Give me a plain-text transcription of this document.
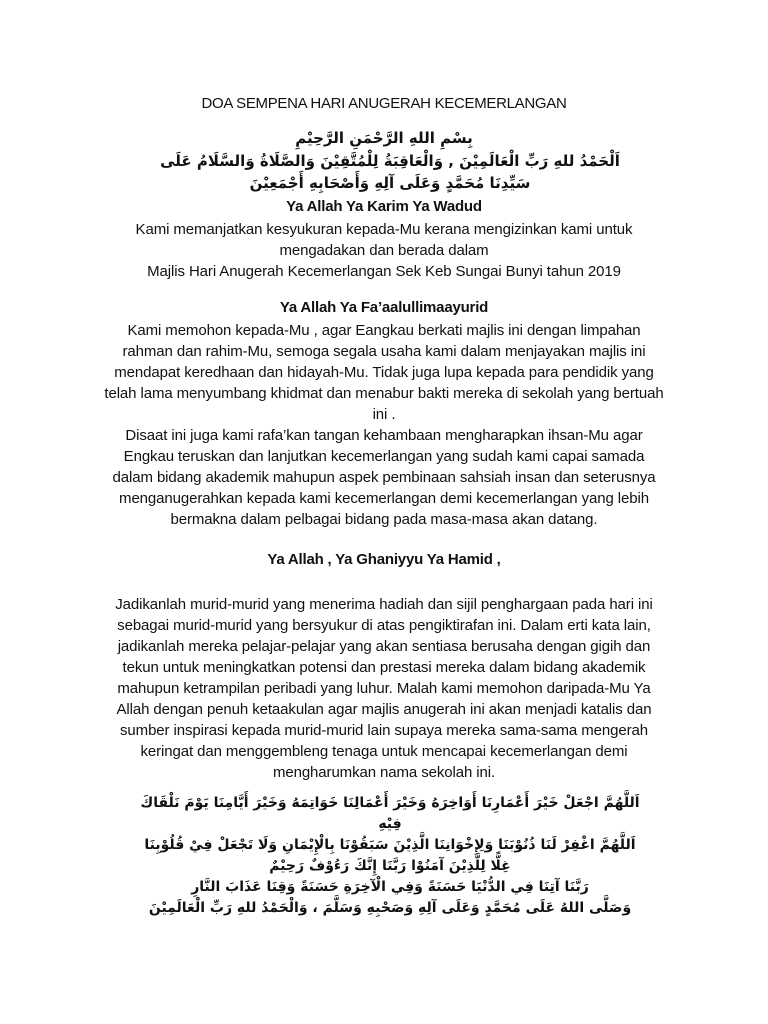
DOA SEMPENA HARI ANUGERAH KECEMERLANGAN
بِسْمِ اللهِ الرَّحْمَنِ الرَّحِيْمِ
اَلْحَمْدُ للهِ رَبِّ الْعَالَمِيْنَ , وَالْعَاقِبَةُ لِلْمُتَّقِيْنَ وَالصَّلَاةُ وَالسَّلَامُ عَلَى سَيِّدِنَا مُحَمَّدٍ وَعَلَى آلِهِ وَأَصْحَابِهِ أَجْمَعِيْنَ
Ya Allah Ya Karim Ya Wadud

Kami memanjatkan kesyukuran kepada-Mu kerana mengizinkan kami untuk

mengadakan dan berada dalam

Majlis Hari Anugerah Kecemerlangan Sek Keb Sungai Bunyi tahun 2019

Ya Allah Ya Fa’aalullimaayurid

Kami memohon kepada-Mu , agar Eangkau berkati majlis ini dengan limpahan rahman dan rahim-Mu, semoga segala usaha kami dalam menjayakan majlis ini mendapat keredhaan dan hidayah-Mu. Tidak juga lupa kepada para pendidik yang telah lama menyumbang khidmat dan menabur bakti mereka di sekolah yang bertuah ini .

Disaat ini juga kami rafa’kan tangan kehambaan mengharapkan ihsan-Mu agar Engkau teruskan dan lanjutkan kecemerlangan yang sudah kami capai samada dalam bidang akademik mahupun aspek pembinaan sahsiah insan dan seterusnya menganugerahkan kepada kami kecemerlangan demi kecemerlangan yang lebih bermakna dalam pelbagai bidang pada masa-masa akan datang.

Ya Allah , Ya Ghaniyyu Ya Hamid ,

Jadikanlah murid-murid yang menerima hadiah dan sijil penghargaan pada hari ini sebagai murid-murid yang bersyukur di atas pengiktirafan ini. Dalam erti kata lain, jadikanlah mereka pelajar-pelajar yang akan sentiasa berusaha dengan gigih dan tekun untuk meningkatkan potensi dan prestasi mereka dalam bidang akademik mahupun ketrampilan peribadi yang luhur. Malah kami memohon daripada-Mu Ya Allah dengan penuh ketaakulan agar majlis anugerah ini akan menjadi katalis dan sumber inspirasi kepada murid-murid lain supaya mereka sama-sama mengerah keringat dan menggembleng tenaga untuk mencapai kecemerlangan demi mengharumkan nama sekolah ini.

اَللَّهُمَّ اجْعَلْ خَيْرَ أَعْمَارِنَا أَوَاخِرَهُ وَخَيْرَ أَعْمَالِنَا خَوَاتِمَهُ وَخَيْرَ أَيَّامِنَا يَوْمَ نَلْقَاكَ فِيْهِ

اَللَّهُمَّ اغْفِرْ لَنَا ذُنُوْبَنَا وَلِإِخْوَانِنَا الَّذِيْنَ سَبَقُوْنَا بِالْإِيْمَانِ وَلَا تَجْعَلْ فِيْ قُلُوْبِنَا غِلًّا لِلَّذِيْنَ آمَنُوْا رَبَّنَا إِنَّكَ رَءُوْفٌ رَحِيْمٌ

رَبَّنَا آتِنَا فِي الدُّنْيَا حَسَنَةً وَفِي الْآخِرَةِ حَسَنَةً وَقِنَا عَذَابَ النَّارِ

وَصَلَّى اللهُ عَلَى مُحَمَّدٍ وَعَلَى آلِهِ وَصَحْبِهِ وَسَلَّمَ ، وَالْحَمْدُ للهِ رَبِّ الْعَالَمِيْنَ
